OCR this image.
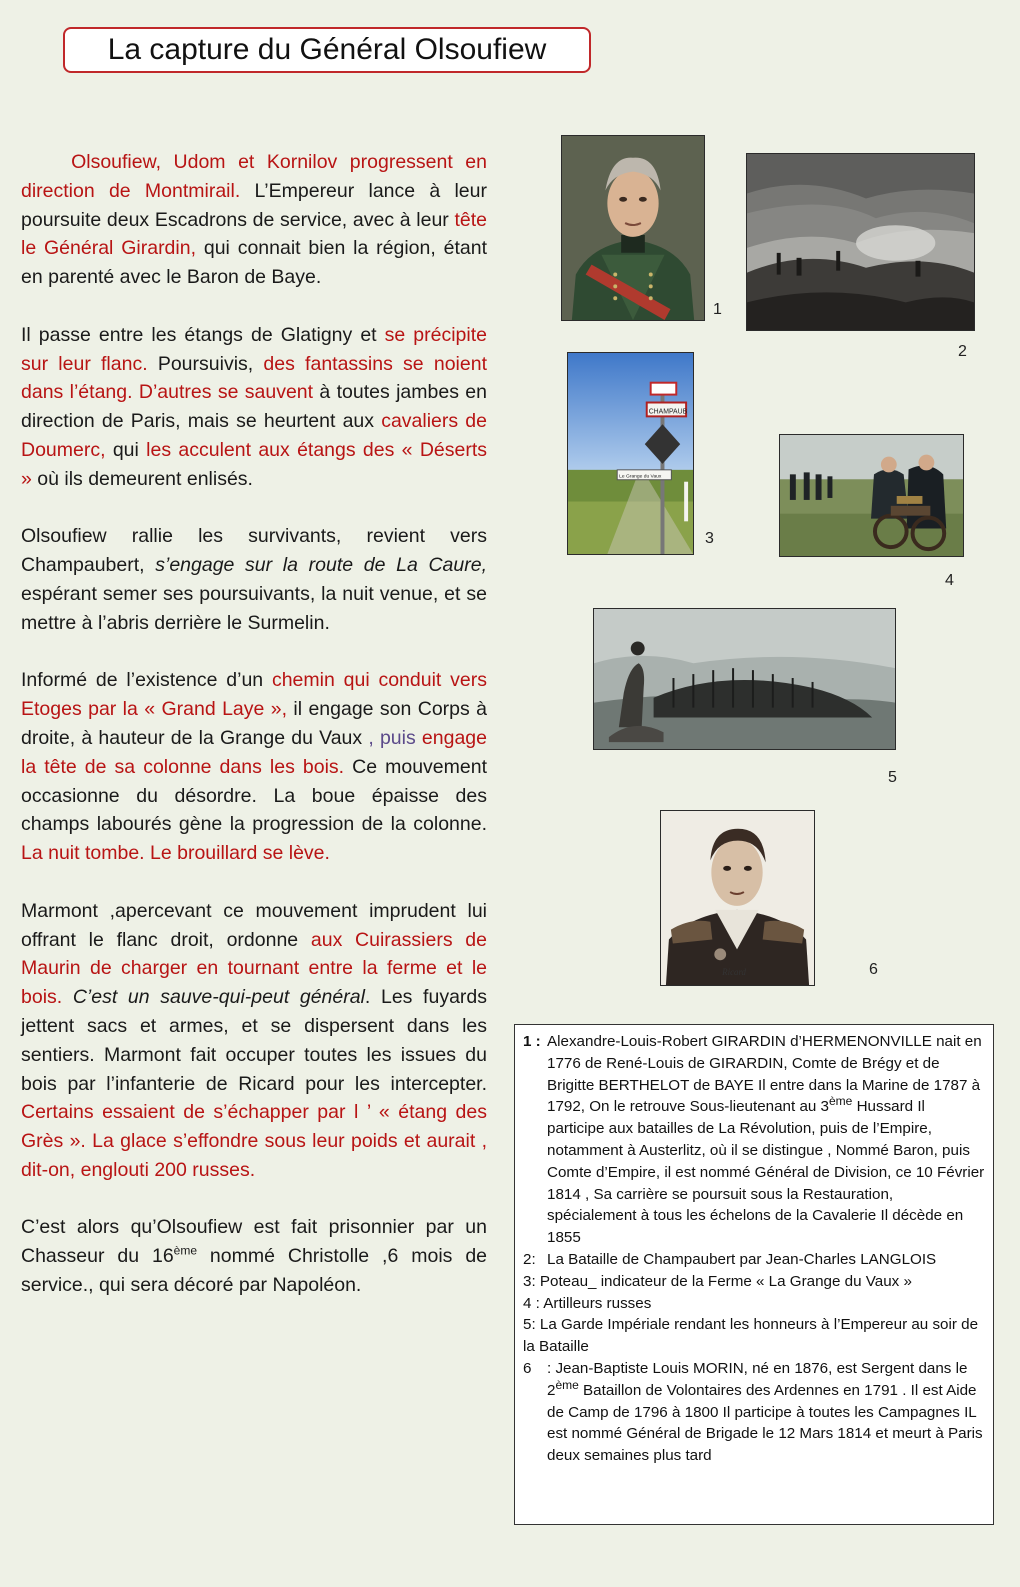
La capture du Général Olsoufiew

Olsoufiew, Udom et Kornilov progressent en direction de Montmirail. L’Empereur lance à leur poursuite deux Escadrons de service, avec à leur tête le Général Girardin, qui connait bien la région, étant en parenté avec le Baron de Baye.

Il passe entre les étangs de Glatigny et se précipite sur leur flanc. Poursuivis, des fantassins se noient dans l’étang. D’autres se sauvent à toutes jambes en direction de Paris, mais se heurtent aux cavaliers de Doumerc, qui les acculent aux étangs des « Déserts » où ils demeurent enlisés.

Olsoufiew rallie les survivants, revient vers Champaubert, s’engage sur la route de La Caure, espérant semer ses poursuivants, la nuit venue, et se mettre à l’abris derrière le Surmelin.

Informé de l’existence d’un chemin qui conduit vers Etoges par la « Grand Laye », il engage son Corps à droite, à hauteur de la Grange du Vaux , puis engage la tête de sa colonne dans les bois. Ce mouvement occasionne du désordre. La boue épaisse des champs labourés gène la progression de la colonne. La nuit tombe. Le brouillard se lève.

Marmont ,apercevant ce mouvement imprudent lui offrant le flanc droit, ordonne aux Cuirassiers de Maurin de charger en tournant entre la ferme et le bois. C’est un sauve-qui-peut général. Les fuyards jettent sacs et armes, et se dispersent dans les sentiers. Marmont fait occuper toutes les issues du bois par l’infanterie de Ricard pour les intercepter. Certains essaient de s’échapper par l ’ « étang des Grès ». La glace s’effondre sous leur poids et aurait , dit-on, englouti 200 russes.

C’est alors qu’Olsoufiew est fait prisonnier par un Chasseur du 16ème nommé Christolle ,6 mois de service., qui sera décoré par Napoléon.

1
2
CHAMPAUB
Le Grange du Vaux
3
4
5
Ricard	6
1 : Alexandre-Louis-Robert GIRARDIN d’HERMENONVILLE nait en 1776 de René-Louis de GIRARDIN, Comte de Brégy et de Brigitte BERTHELOT de BAYE Il entre dans la Marine de 1787 à 1792, On le retrouve Sous-lieutenant au 3ème Hussard Il participe aux batailles de La Révolution, puis de l’Empire, notamment à Austerlitz, où il se distingue , Nommé Baron, puis Comte d’Empire, il est nommé Général de Division, ce 10 Février 1814 , Sa carrière se poursuit sous la Restauration, spécialement à tous les échelons de la Cavalerie Il décède en 1855
2: La Bataille de Champaubert par Jean-Charles LANGLOIS
3: Poteau_ indicateur de la Ferme « La Grange du Vaux »
4 : Artilleurs russes
5: La Garde Impériale rendant les honneurs à l’Empereur au soir de la Bataille
6 : Jean-Baptiste Louis MORIN, né en 1876, est Sergent dans le 2ème Bataillon de Volontaires des Ardennes en 1791 . Il est Aide de Camp de 1796 à 1800 Il participe à toutes les Campagnes IL est nommé Général de Brigade le 12 Mars 1814 et meurt à Paris deux semaines plus tard
